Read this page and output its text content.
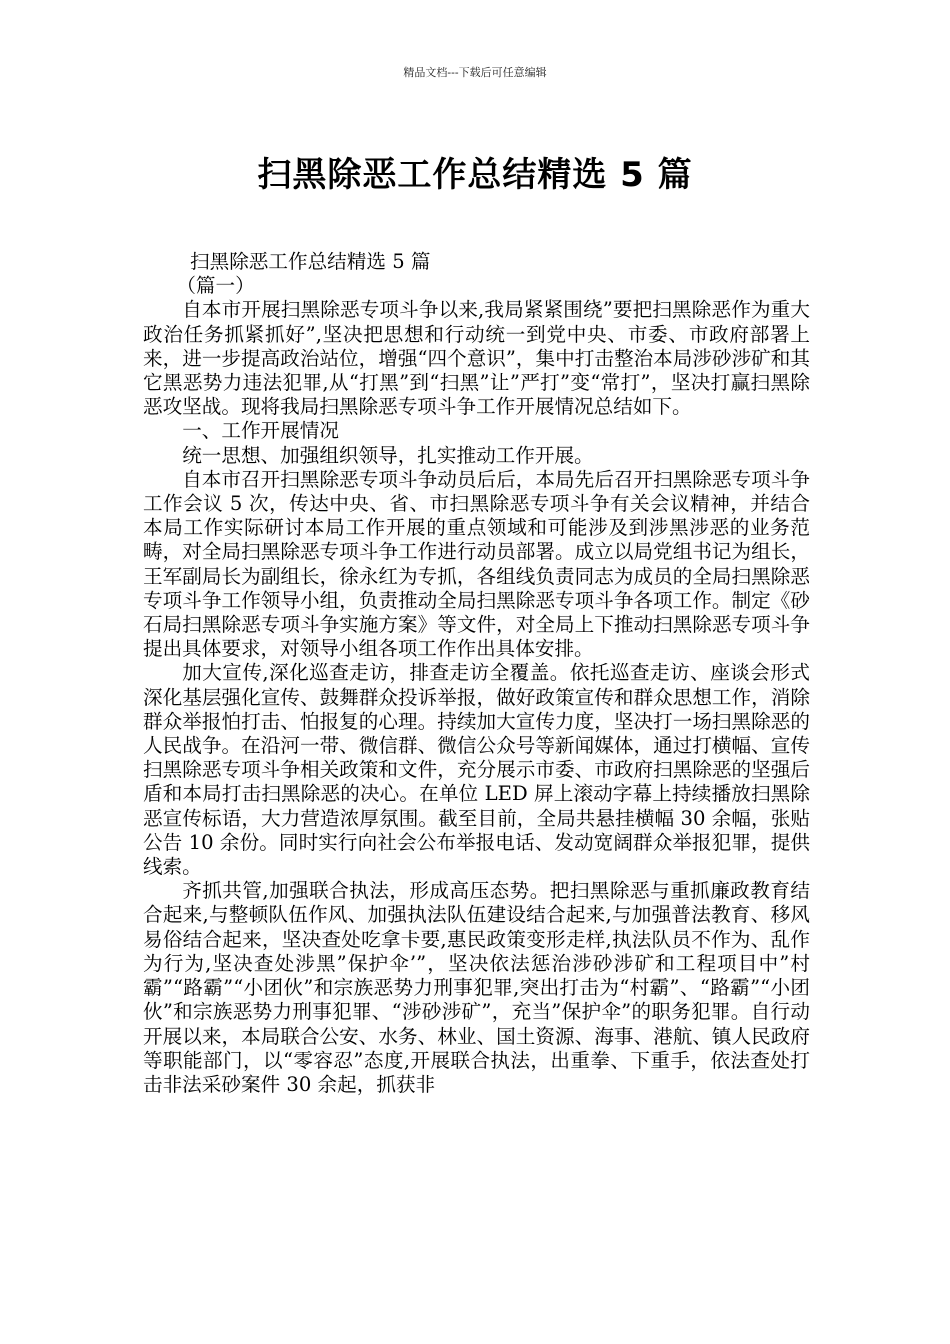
精品文档---下载后可任意编辑
扫黑除恶工作总结精选 5 篇

扫黑除恶工作总结精选 5 篇

（篇一）

自本市开展扫黑除恶专项斗争以来,我局紧紧围绕”要把扫黑除恶作为重大政治任务抓紧抓好”,坚决把思想和行动统一到党中央、市委、市政府部署上来，进一步提高政治站位，增强“四个意识”，集中打击整治本局涉砂涉矿和其它黑恶势力违法犯罪,从“打黑”到“扫黑”让”严打”变“常打”，坚决打赢扫黑除恶攻坚战。现将我局扫黑除恶专项斗争工作开展情况总结如下。

一、工作开展情况

统一思想、加强组织领导，扎实推动工作开展。

自本市召开扫黑除恶专项斗争动员后后，本局先后召开扫黑除恶专项斗争工作会议 5 次，传达中央、省、市扫黑除恶专项斗争有关会议精神，并结合本局工作实际研讨本局工作开展的重点领域和可能涉及到涉黑涉恶的业务范畴，对全局扫黑除恶专项斗争工作进行动员部署。成立以局党组书记为组长，王军副局长为副组长，徐永红为专抓，各组线负责同志为成员的全局扫黑除恶专项斗争工作领导小组，负责推动全局扫黑除恶专项斗争各项工作。制定《砂石局扫黑除恶专项斗争实施方案》等文件，对全局上下推动扫黑除恶专项斗争提出具体要求，对领导小组各项工作作出具体安排。

加大宣传,深化巡查走访，排查走访全覆盖。依托巡查走访、座谈会形式深化基层强化宣传、鼓舞群众投诉举报，做好政策宣传和群众思想工作，消除群众举报怕打击、怕报复的心理。持续加大宣传力度，坚决打一场扫黑除恶的人民战争。在沿河一带、微信群、微信公众号等新闻媒体，通过打横幅、宣传扫黑除恶专项斗争相关政策和文件，充分展示市委、市政府扫黑除恶的坚强后盾和本局打击扫黑除恶的决心。在单位 LED 屏上滚动字幕上持续播放扫黑除恶宣传标语，大力营造浓厚氛围。截至目前，全局共悬挂横幅 30 余幅，张贴公告 10 余份。同时实行向社会公布举报电话、发动宽阔群众举报犯罪，提供线索。

齐抓共管,加强联合执法，形成高压态势。把扫黑除恶与重抓廉政教育结合起来,与整顿队伍作风、加强执法队伍建设结合起来,与加强普法教育、移风易俗结合起来，坚决查处吃拿卡要,惠民政策变形走样,执法队员不作为、乱作为行为,坚决查处涉黑”保护伞’”，坚决依法惩治涉砂涉矿和工程项目中”村霸”“路霸”“小团伙”和宗族恶势力刑事犯罪,突出打击为“村霸”、“路霸”“小团伙”和宗族恶势力刑事犯罪、“涉砂涉矿”，充当”保护伞”的职务犯罪。自行动开展以来，本局联合公安、水务、林业、国土资源、海事、港航、镇人民政府等职能部门，以“零容忍”态度,开展联合执法，出重拳、下重手，依法查处打击非法采砂案件 30 余起，抓获非
